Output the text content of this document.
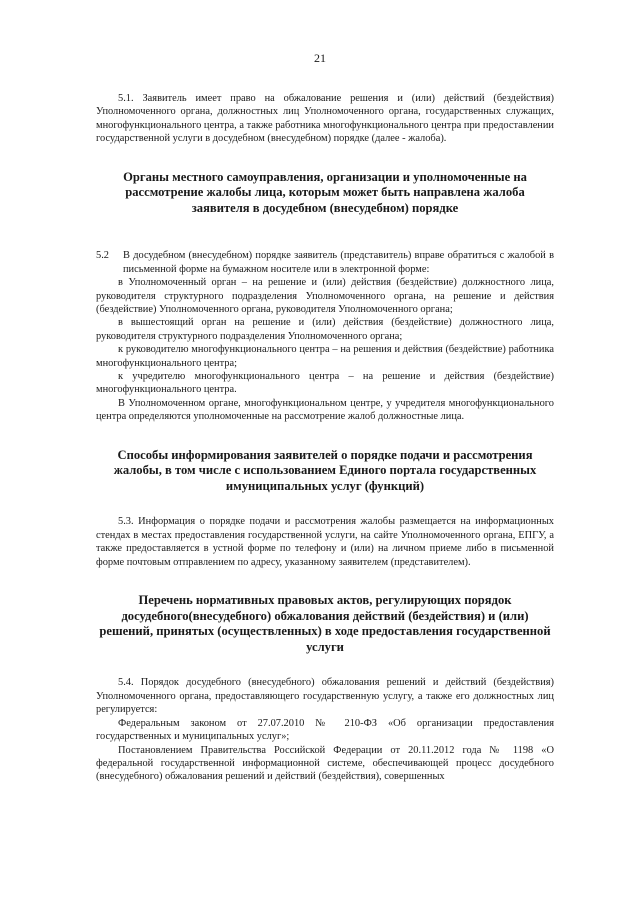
21

5.1. Заявитель имеет право на обжалование решения и (или) действий (бездействия) Уполномоченного органа, должностных лиц Уполномоченного органа, государственных служащих, многофункционального центра, а также работника многофункционального центра при предоставлении государственной услуги в досудебном (внесудебном) порядке (далее - жалоба).

Органы местного самоуправления, организации и уполномоченные на рассмотрение жалобы лица, которым может быть направлена жалоба заявителя в досудебном (внесудебном) порядке
5.2	В досудебном (внесудебном) порядке заявитель (представитель) вправе обратиться с жалобой в письменной форме на бумажном носителе или в электронной форме:

в Уполномоченный орган – на решение и (или) действия (бездействие) должностного лица, руководителя структурного подразделения Уполномоченного органа, на решение и действия (бездействие) Уполномоченного органа, руководителя Уполномоченного органа;

в вышестоящий орган на решение и (или) действия (бездействие) должностного лица, руководителя структурного подразделения Уполномоченного органа;

к руководителю многофункционального центра – на решения и действия (бездействие) работника многофункционального центра;

к учредителю многофункционального центра – на решение и действия (бездействие) многофункционального центра.

В Уполномоченном органе, многофункциональном центре, у учредителя многофункционального центра определяются уполномоченные на рассмотрение жалоб должностные лица.

Способы информирования заявителей о порядке подачи и рассмотрения жалобы, в том числе с использованием Единого портала государственных имуниципальных услуг (функций)

5.3. Информация о порядке подачи и рассмотрения жалобы размещается на информационных стендах в местах предоставления государственной услуги, на сайте Уполномоченного органа, ЕПГУ, а также предоставляется в устной форме по телефону и (или) на личном приеме либо в письменной форме почтовым отправлением по адресу, указанному заявителем (представителем).

Перечень нормативных правовых актов, регулирующих порядок досудебного(внесудебного) обжалования действий (бездействия) и (или) решений, принятых (осуществленных) в ходе предоставления государственной услуги

5.4. Порядок досудебного (внесудебного) обжалования решений и действий (бездействия) Уполномоченного органа, предоставляющего государственную услугу, а также его должностных лиц регулируется:

Федеральным законом от 27.07.2010 № 210-ФЗ «Об организации предоставления государственных и муниципальных услуг»;

Постановлением Правительства Российской Федерации от 20.11.2012 года № 1198 «О федеральной государственной информационной системе, обеспечивающей процесс досудебного (внесудебного) обжалования решений и действий (бездействия), совершенных
